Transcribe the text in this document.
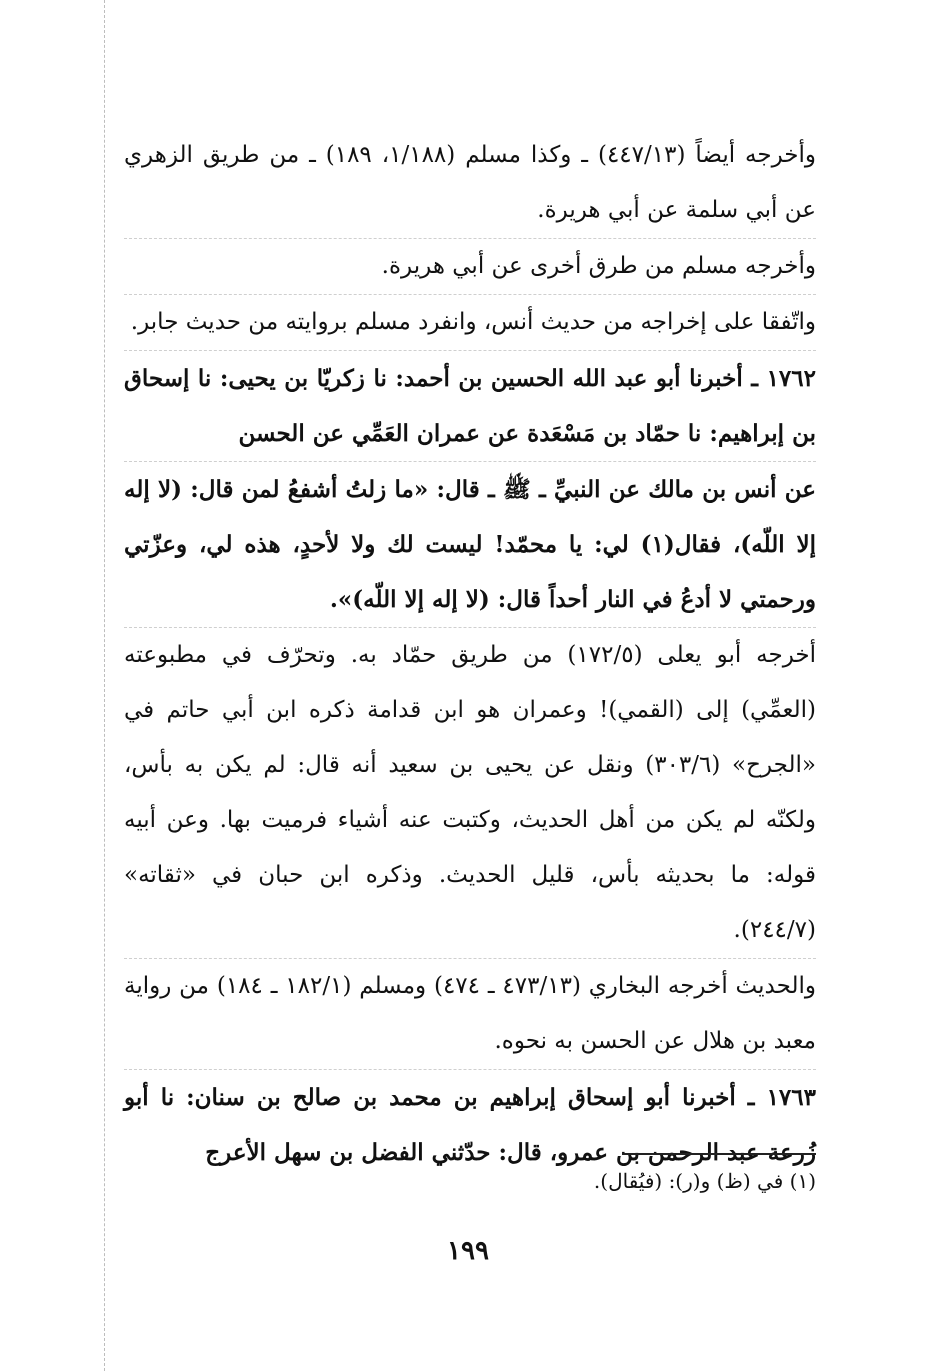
وأخرجه أيضاً (٤٤٧/١٣) ـ وكذا مسلم (١/١٨٨، ١٨٩) ـ من طريق الزهري عن أبي سلمة عن أبي هريرة.

وأخرجه مسلم من طرق أخرى عن أبي هريرة.

واتّفقا على إخراجه من حديث أنس، وانفرد مسلم بروايته من حديث جابر.

١٧٦٢ ـ أخبرنا أبو عبد الله الحسين بن أحمد: نا زكريّا بن يحيى: نا إسحاق بن إبراهيم: نا حمّاد بن مَسْعَدة عن عمران العَمِّي عن الحسن

عن أنس بن مالك عن النبيِّ ـ ﷺ ـ قال: «ما زلتُ أشفعُ لمن قال: (لا إله إلا اللّه)، فقال(١) لي: يا محمّد! ليست لك ولا لأحدٍ، هذه لي، وعزّتي ورحمتي لا أدعُ في النار أحداً قال: (لا إله إلا اللّه)».

أخرجه أبو يعلى (١٧٢/٥) من طريق حمّاد به. وتحرّف في مطبوعته (العمِّي) إلى (القمي)! وعمران هو ابن قدامة ذكره ابن أبي حاتم في «الجرح» (٣٠٣/٦) ونقل عن يحيى بن سعيد أنه قال: لم يكن به بأس، ولكنّه لم يكن من أهل الحديث، وكتبت عنه أشياء فرميت بها. وعن أبيه قوله: ما بحديثه بأس، قليل الحديث. وذكره ابن حبان في «ثقاته» (٢٤٤/٧).

والحديث أخرجه البخاري (٤٧٣/١٣ ـ ٤٧٤) ومسلم (١٨٢/١ ـ ١٨٤) من رواية معبد بن هلال عن الحسن به نحوه.

١٧٦٣ ـ أخبرنا أبو إسحاق إبراهيم بن محمد بن صالح بن سنان: نا أبو زُرعة عبد الرحمن بن عمرو، قال: حدّثني الفضل بن سهل الأعرج

(١) في (ظ) و(ر): (فيُقال).
١٩٩
